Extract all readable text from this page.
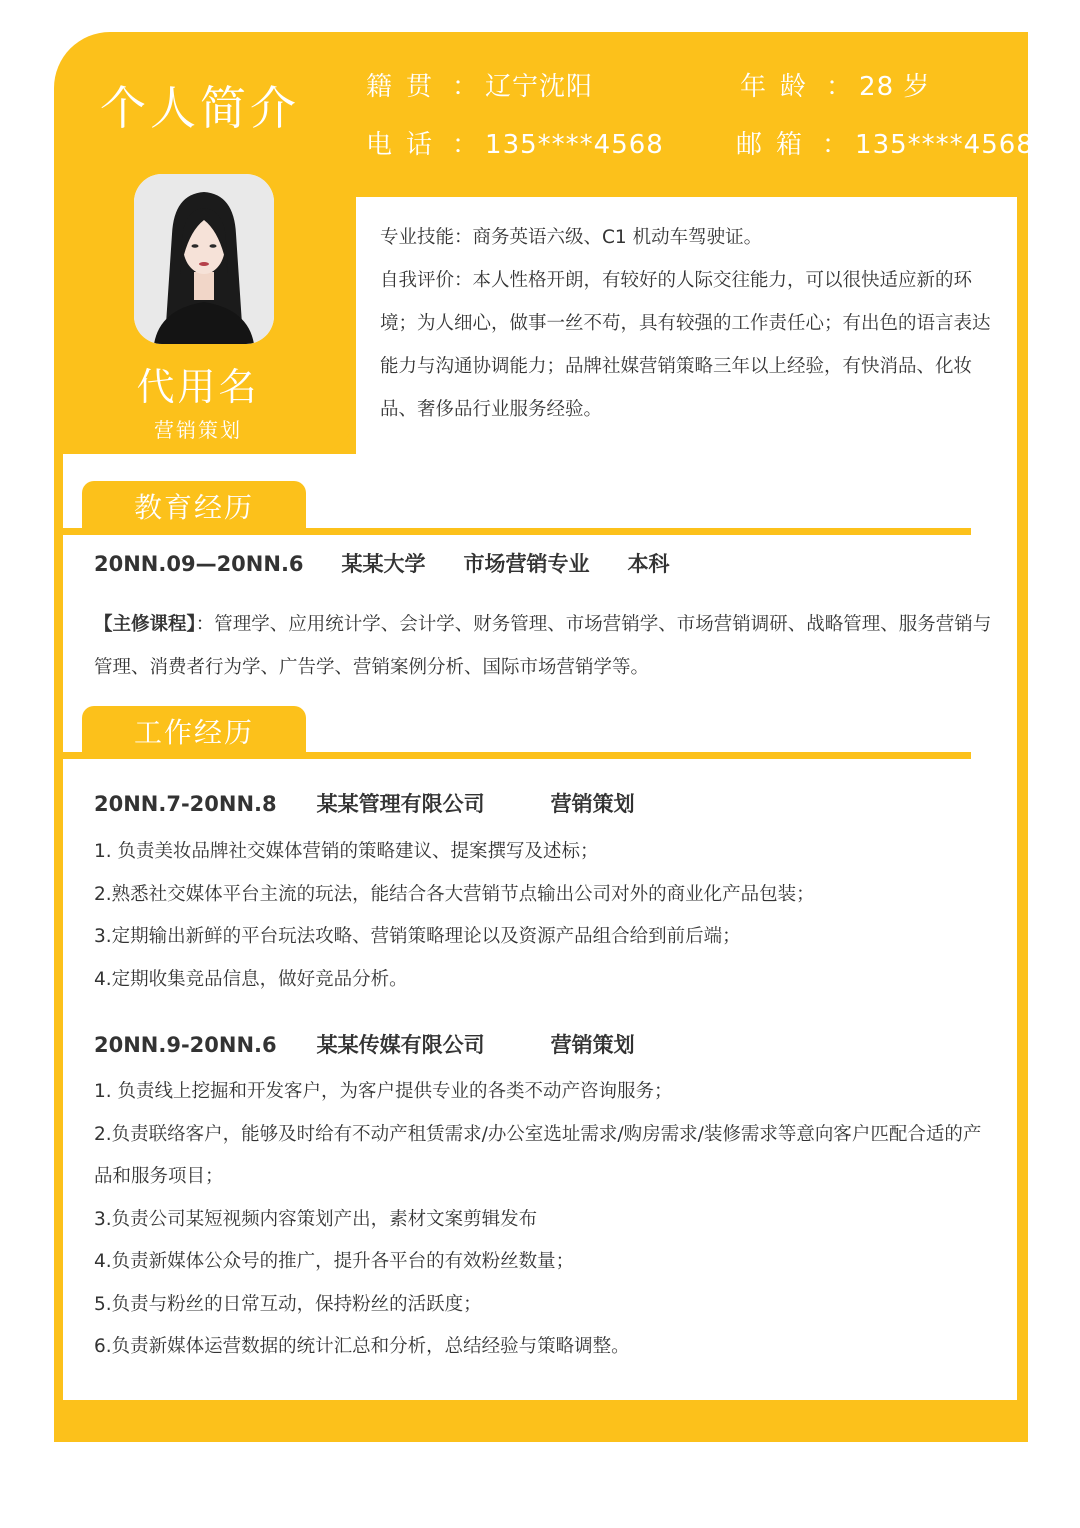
个人简介	籍贯 ： 辽宁沈阳	年龄 ： 28 岁
电话 ： 135****4568	邮箱 ： 135****4568
代用名
营销策划

专业技能：商务英语六级、C1 机动车驾驶证。

自我评价：本人性格开朗，有较好的人际交往能力，可以很快适应新的环境；为人细心，做事一丝不苟，具有较强的工作责任心；有出色的语言表达能力与沟通协调能力；品牌社媒营销策略三年以上经验，有快消品、化妆品、奢侈品行业服务经验。

教育经历
20NN.09—20NN.6 某某大学 市场营销专业 本科
【主修课程】：管理学、应用统计学、会计学、财务管理、市场营销学、市场营销调研、战略管理、服务营销与管理、消费者行为学、广告学、营销案例分析、国际市场营销学等。
工作经历
20NN.7-20NN.8 某某管理有限公司	营销策划
1. 负责美妆品牌社交媒体营销的策略建议、提案撰写及述标；
2.熟悉社交媒体平台主流的玩法，能结合各大营销节点输出公司对外的商业化产品包装；
3.定期输出新鲜的平台玩法攻略、营销策略理论以及资源产品组合给到前后端；
4.定期收集竞品信息，做好竞品分析。
20NN.9-20NN.6 某某传媒有限公司	营销策划
1. 负责线上挖掘和开发客户，为客户提供专业的各类不动产咨询服务；
2.负责联络客户，能够及时给有不动产租赁需求/办公室选址需求/购房需求/装修需求等意向客户匹配合适的产品和服务项目；
3.负责公司某短视频内容策划产出，素材文案剪辑发布
4.负责新媒体公众号的推广，提升各平台的有效粉丝数量；
5.负责与粉丝的日常互动，保持粉丝的活跃度；
6.负责新媒体运营数据的统计汇总和分析，总结经验与策略调整。
